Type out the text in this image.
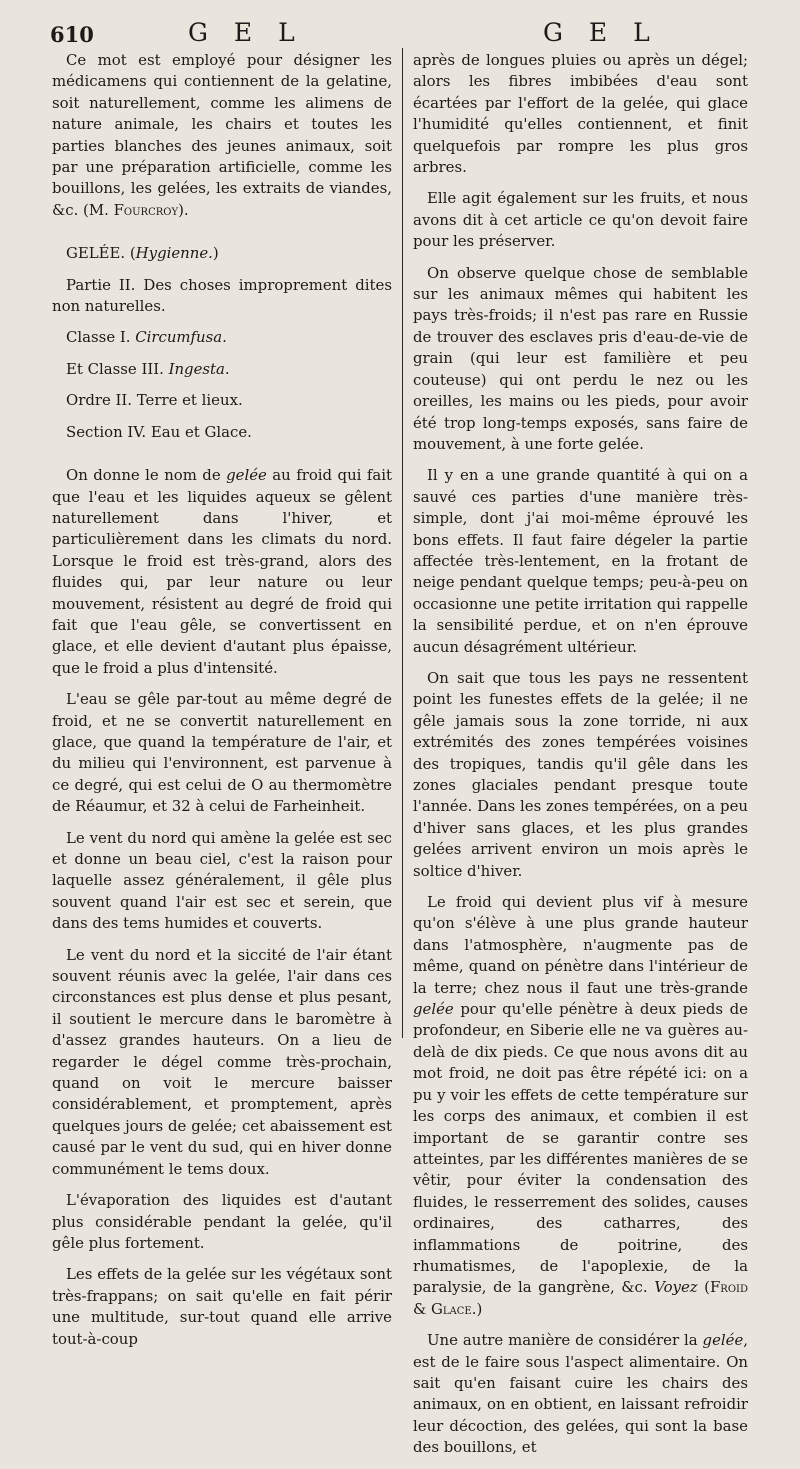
610	G E L	G E L

Ce mot est employé pour désigner les médicamens qui contiennent de la gelatine, soit naturellement, comme les alimens de nature animale, les chairs et toutes les parties blanches des jeunes animaux, soit par une préparation artificielle, comme les bouillons, les gelées, les extraits de viandes, &c. (M. Fourcroy).

GELÉE. (Hygienne.)

Partie II. Des choses improprement dites non naturelles.

Classe I. Circumfusa.

Et Classe III. Ingesta.

Ordre II. Terre et lieux.

Section IV. Eau et Glace.

On donne le nom de gelée au froid qui fait que l'eau et les liquides aqueux se gêlent naturellement dans l'hiver, et particulièrement dans les climats du nord. Lorsque le froid est très-grand, alors des fluides qui, par leur nature ou leur mouvement, résistent au degré de froid qui fait que l'eau gêle, se convertissent en glace, et elle devient d'autant plus épaisse, que le froid a plus d'intensité.

L'eau se gêle par-tout au même degré de froid, et ne se convertit naturellement en glace, que quand la température de l'air, et du milieu qui l'environnent, est parvenue à ce degré, qui est celui de O au thermomètre de Réaumur, et 32 à celui de Farheinheit.

Le vent du nord qui amène la gelée est sec et donne un beau ciel, c'est la raison pour laquelle assez généralement, il gêle plus souvent quand l'air est sec et serein, que dans des tems humides et couverts.

Le vent du nord et la siccité de l'air étant souvent réunis avec la gelée, l'air dans ces circonstances est plus dense et plus pesant, il soutient le mercure dans le baromètre à d'assez grandes hauteurs. On a lieu de regarder le dégel comme très-prochain, quand on voit le mercure baisser considérablement, et promptement, après quelques jours de gelée; cet abaissement est causé par le vent du sud, qui en hiver donne communément le tems doux.

L'évaporation des liquides est d'autant plus considérable pendant la gelée, qu'il gêle plus fortement.

Les effets de la gelée sur les végétaux sont très-frappans; on sait qu'elle en fait périr une multitude, sur-tout quand elle arrive tout-à-coup

après de longues pluies ou après un dégel; alors les fibres imbibées d'eau sont écartées par l'effort de la gelée, qui glace l'humidité qu'elles contiennent, et finit quelquefois par rompre les plus gros arbres.

Elle agit également sur les fruits, et nous avons dit à cet article ce qu'on devoit faire pour les préserver.

On observe quelque chose de semblable sur les animaux mêmes qui habitent les pays très-froids; il n'est pas rare en Russie de trouver des esclaves pris d'eau-de-vie de grain (qui leur est familière et peu couteuse) qui ont perdu le nez ou les oreilles, les mains ou les pieds, pour avoir été trop long-temps exposés, sans faire de mouvement, à une forte gelée.

Il y en a une grande quantité à qui on a sauvé ces parties d'une manière très-simple, dont j'ai moi-même éprouvé les bons effets. Il faut faire dégeler la partie affectée très-lentement, en la frotant de neige pendant quelque temps; peu-à-peu on occasionne une petite irritation qui rappelle la sensibilité perdue, et on n'en éprouve aucun désagrément ultérieur.

On sait que tous les pays ne ressentent point les funestes effets de la gelée; il ne gêle jamais sous la zone torride, ni aux extrémités des zones tempérées voisines des tropiques, tandis qu'il gêle dans les zones glaciales pendant presque toute l'année. Dans les zones tempérées, on a peu d'hiver sans glaces, et les plus grandes gelées arrivent environ un mois après le soltice d'hiver.

Le froid qui devient plus vif à mesure qu'on s'élève à une plus grande hauteur dans l'atmosphère, n'augmente pas de même, quand on pénètre dans l'intérieur de la terre; chez nous il faut une très-grande gelée pour qu'elle pénètre à deux pieds de profondeur, en Siberie elle ne va guères au-delà de dix pieds. Ce que nous avons dit au mot froid, ne doit pas être répété ici: on a pu y voir les effets de cette température sur les corps des animaux, et combien il est important de se garantir contre ses atteintes, par les différentes manières de se vêtir, pour éviter la condensation des fluides, le resserrement des solides, causes ordinaires, des catharres, des inflammations de poitrine, des rhumatismes, de l'apoplexie, de la paralysie, de la gangrène, &c. Voyez (Froid & Glace.)

Une autre manière de considérer la gelée, est de le faire sous l'aspect alimentaire. On sait qu'en faisant cuire les chairs des animaux, on en obtient, en laissant refroidir leur décoction, des gelées, qui sont la base des bouillons, et
